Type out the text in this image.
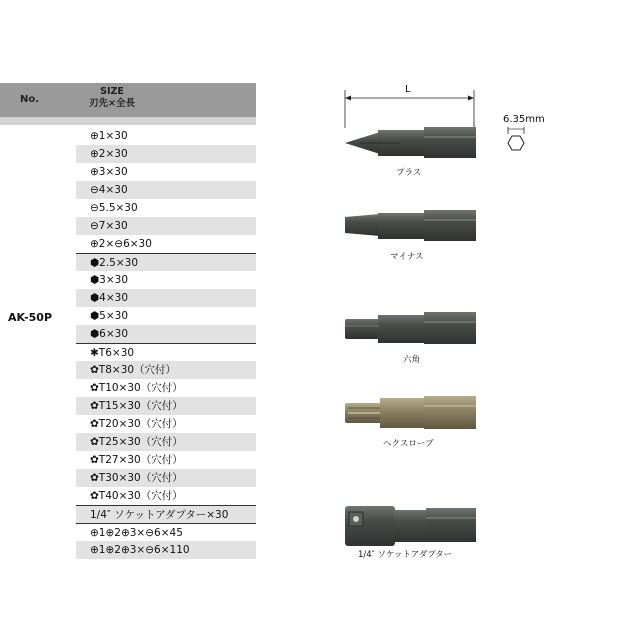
No.
SIZE
刃先×全長
AK-50P
⊕1×30
⊕2×30
⊕3×30
⊖4×30
⊖5.5×30
⊖7×30
⊕2×⊖6×30
⬢2.5×30
⬢3×30
⬢4×30
⬢5×30
⬢6×30
✱T6×30
✿T8×30（穴付）
✿T10×30（穴付）
✿T15×30（穴付）
✿T20×30（穴付）
✿T25×30（穴付）
✿T27×30（穴付）
✿T30×30（穴付）
✿T40×30（穴付）
1/4″ ソケットアダプター×30
⊕1⊕2⊕3×⊖6×45
⊕1⊕2⊕3×⊖6×110
L
6.35mm
プラス
マイナス
六角
ヘクスローブ
1/4″ ソケットアダプター
